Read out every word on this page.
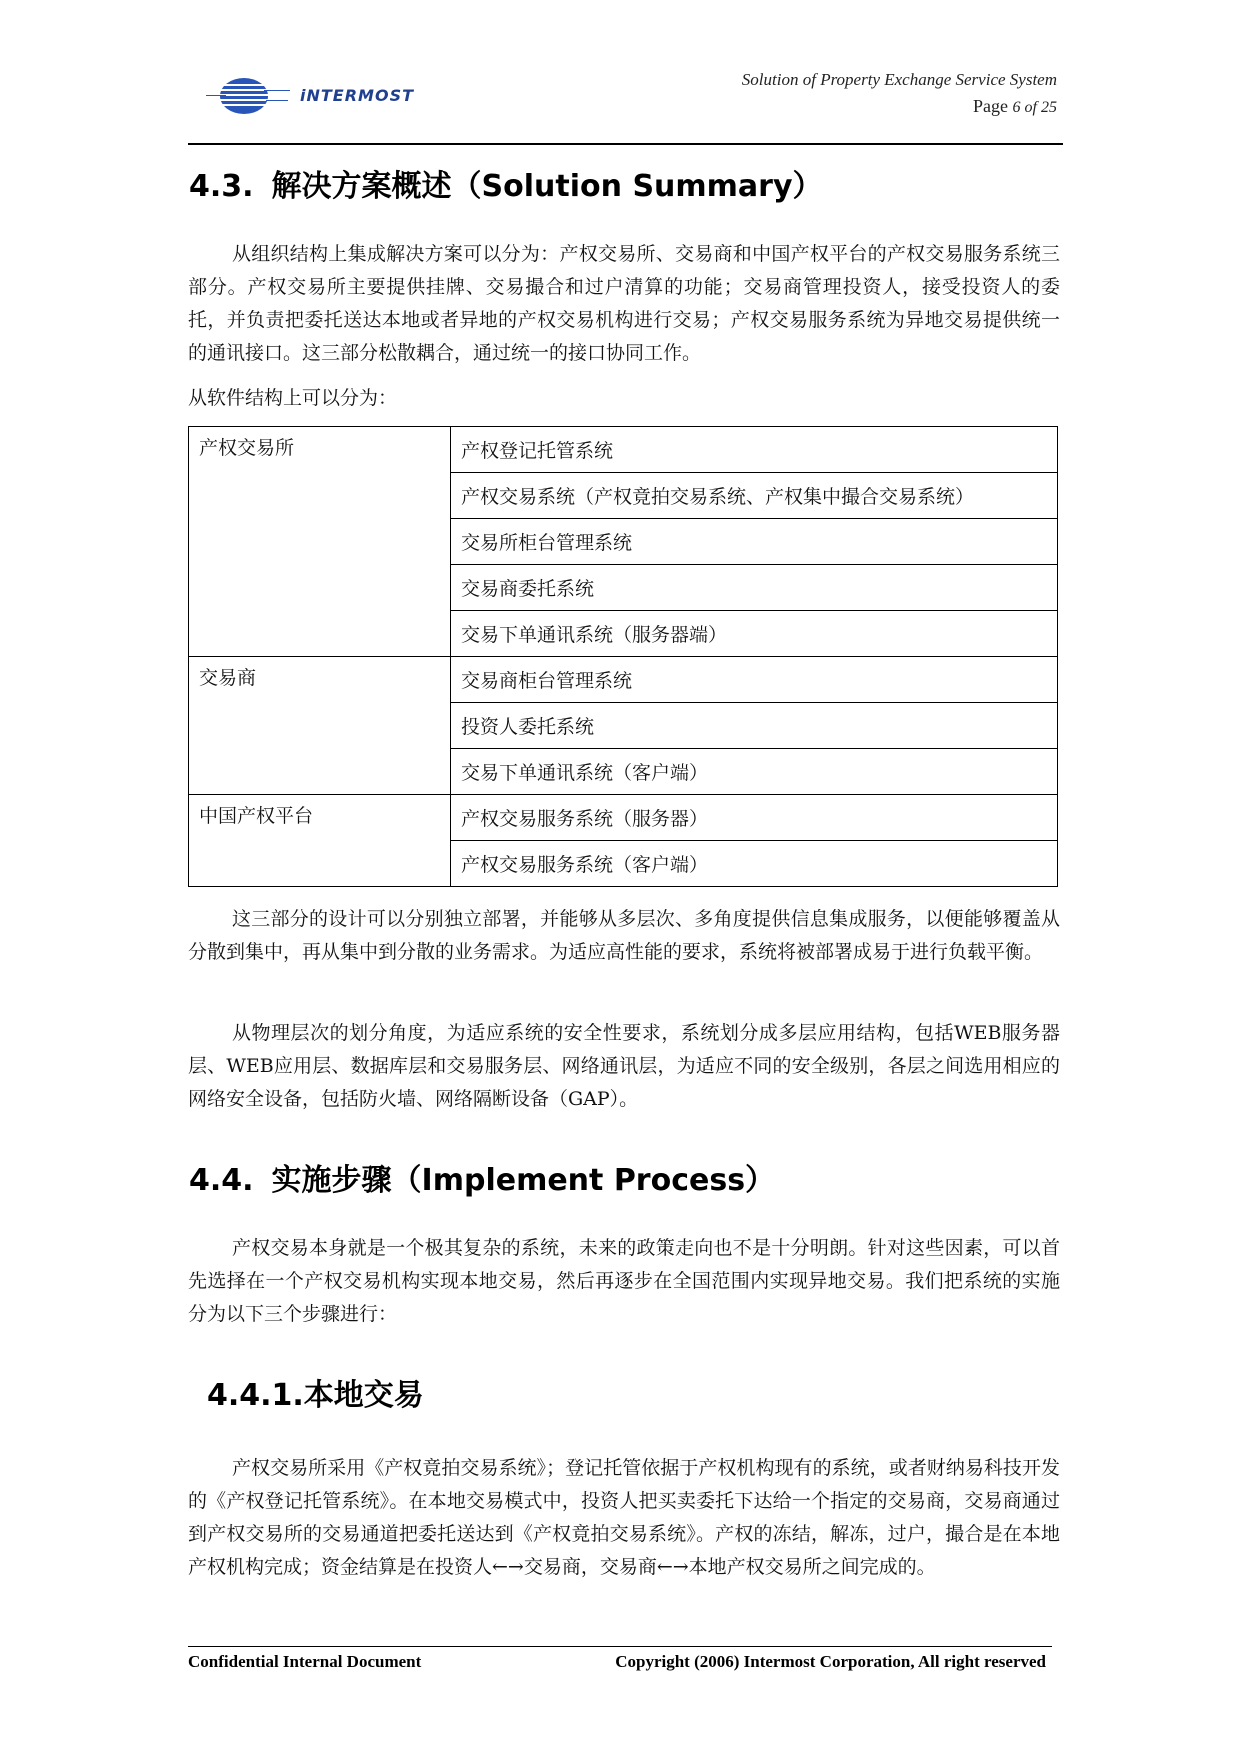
iNTERMOST
Solution of Property Exchange Service System
Page 6 of 25
4.3. 解决方案概述（Solution Summary）
从组织结构上集成解决方案可以分为：产权交易所、交易商和中国产权平台的产权交易服务系统三部分。产权交易所主要提供挂牌、交易撮合和过户清算的功能；交易商管理投资人，接受投资人的委托，并负责把委托送达本地或者异地的产权交易机构进行交易；产权交易服务系统为异地交易提供统一的通讯接口。这三部分松散耦合，通过统一的接口协同工作。
从软件结构上可以分为：
产权交易所	产权登记托管系统
	产权交易系统（产权竟拍交易系统、产权集中撮合交易系统）
	交易所柜台管理系统
	交易商委托系统
	交易下单通讯系统（服务器端）
交易商	交易商柜台管理系统
	投资人委托系统
	交易下单通讯系统（客户端）
中国产权平台	产权交易服务系统（服务器）
	产权交易服务系统（客户端）
这三部分的设计可以分别独立部署，并能够从多层次、多角度提供信息集成服务，以便能够覆盖从分散到集中，再从集中到分散的业务需求。为适应高性能的要求，系统将被部署成易于进行负载平衡。
从物理层次的划分角度，为适应系统的安全性要求，系统划分成多层应用结构，包括WEB服务器层、WEB应用层、数据库层和交易服务层、网络通讯层，为适应不同的安全级别，各层之间选用相应的网络安全设备，包括防火墙、网络隔断设备（GAP）。
4.4. 实施步骤（Implement Process）
产权交易本身就是一个极其复杂的系统，未来的政策走向也不是十分明朗。针对这些因素，可以首先选择在一个产权交易机构实现本地交易，然后再逐步在全国范围内实现异地交易。我们把系统的实施分为以下三个步骤进行：
4.4.1.本地交易
产权交易所采用《产权竟拍交易系统》；登记托管依据于产权机构现有的系统，或者财纳易科技开发的《产权登记托管系统》。在本地交易模式中，投资人把买卖委托下达给一个指定的交易商，交易商通过到产权交易所的交易通道把委托送达到《产权竟拍交易系统》。产权的冻结，解冻，过户，撮合是在本地产权机构完成；资金结算是在投资人←→交易商，交易商←→本地产权交易所之间完成的。
Confidential Internal Document	Copyright (2006) Intermost Corporation, All right reserved
